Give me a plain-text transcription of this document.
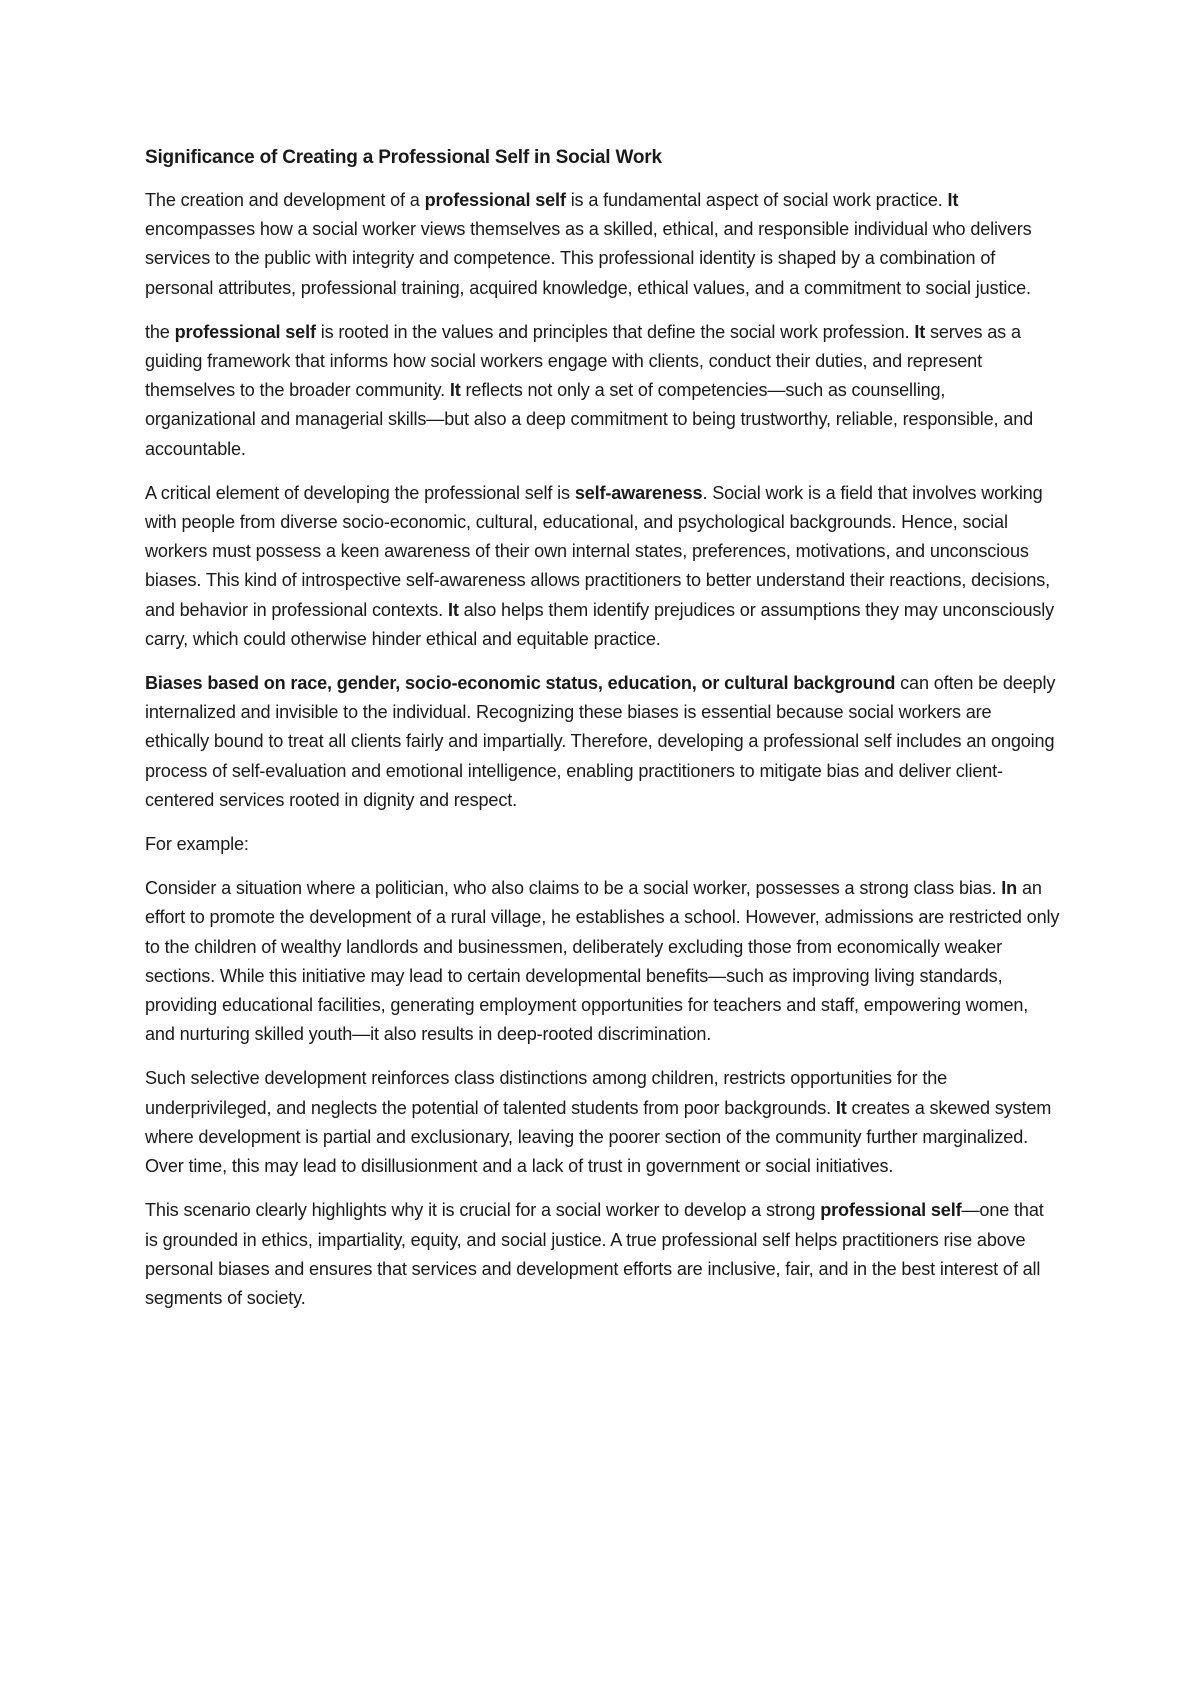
Significance of Creating a Professional Self in Social Work

The creation and development of a professional self is a fundamental aspect of social work practice. It encompasses how a social worker views themselves as a skilled, ethical, and responsible individual who delivers services to the public with integrity and competence. This professional identity is shaped by a combination of personal attributes, professional training, acquired knowledge, ethical values, and a commitment to social justice.

the professional self is rooted in the values and principles that define the social work profession. It serves as a guiding framework that informs how social workers engage with clients, conduct their duties, and represent themselves to the broader community. It reflects not only a set of competencies—such as counselling, organizational and managerial skills—but also a deep commitment to being trustworthy, reliable, responsible, and accountable.

A critical element of developing the professional self is self-awareness. Social work is a field that involves working with people from diverse socio-economic, cultural, educational, and psychological backgrounds. Hence, social workers must possess a keen awareness of their own internal states, preferences, motivations, and unconscious biases. This kind of introspective self-awareness allows practitioners to better understand their reactions, decisions, and behavior in professional contexts. It also helps them identify prejudices or assumptions they may unconsciously carry, which could otherwise hinder ethical and equitable practice.

Biases based on race, gender, socio-economic status, education, or cultural background can often be deeply internalized and invisible to the individual. Recognizing these biases is essential because social workers are ethically bound to treat all clients fairly and impartially. Therefore, developing a professional self includes an ongoing process of self-evaluation and emotional intelligence, enabling practitioners to mitigate bias and deliver client-centered services rooted in dignity and respect.

For example:

Consider a situation where a politician, who also claims to be a social worker, possesses a strong class bias. In an effort to promote the development of a rural village, he establishes a school. However, admissions are restricted only to the children of wealthy landlords and businessmen, deliberately excluding those from economically weaker sections. While this initiative may lead to certain developmental benefits—such as improving living standards, providing educational facilities, generating employment opportunities for teachers and staff, empowering women, and nurturing skilled youth—it also results in deep-rooted discrimination.

Such selective development reinforces class distinctions among children, restricts opportunities for the underprivileged, and neglects the potential of talented students from poor backgrounds. It creates a skewed system where development is partial and exclusionary, leaving the poorer section of the community further marginalized. Over time, this may lead to disillusionment and a lack of trust in government or social initiatives.

This scenario clearly highlights why it is crucial for a social worker to develop a strong professional self—one that is grounded in ethics, impartiality, equity, and social justice. A true professional self helps practitioners rise above personal biases and ensures that services and development efforts are inclusive, fair, and in the best interest of all segments of society.
